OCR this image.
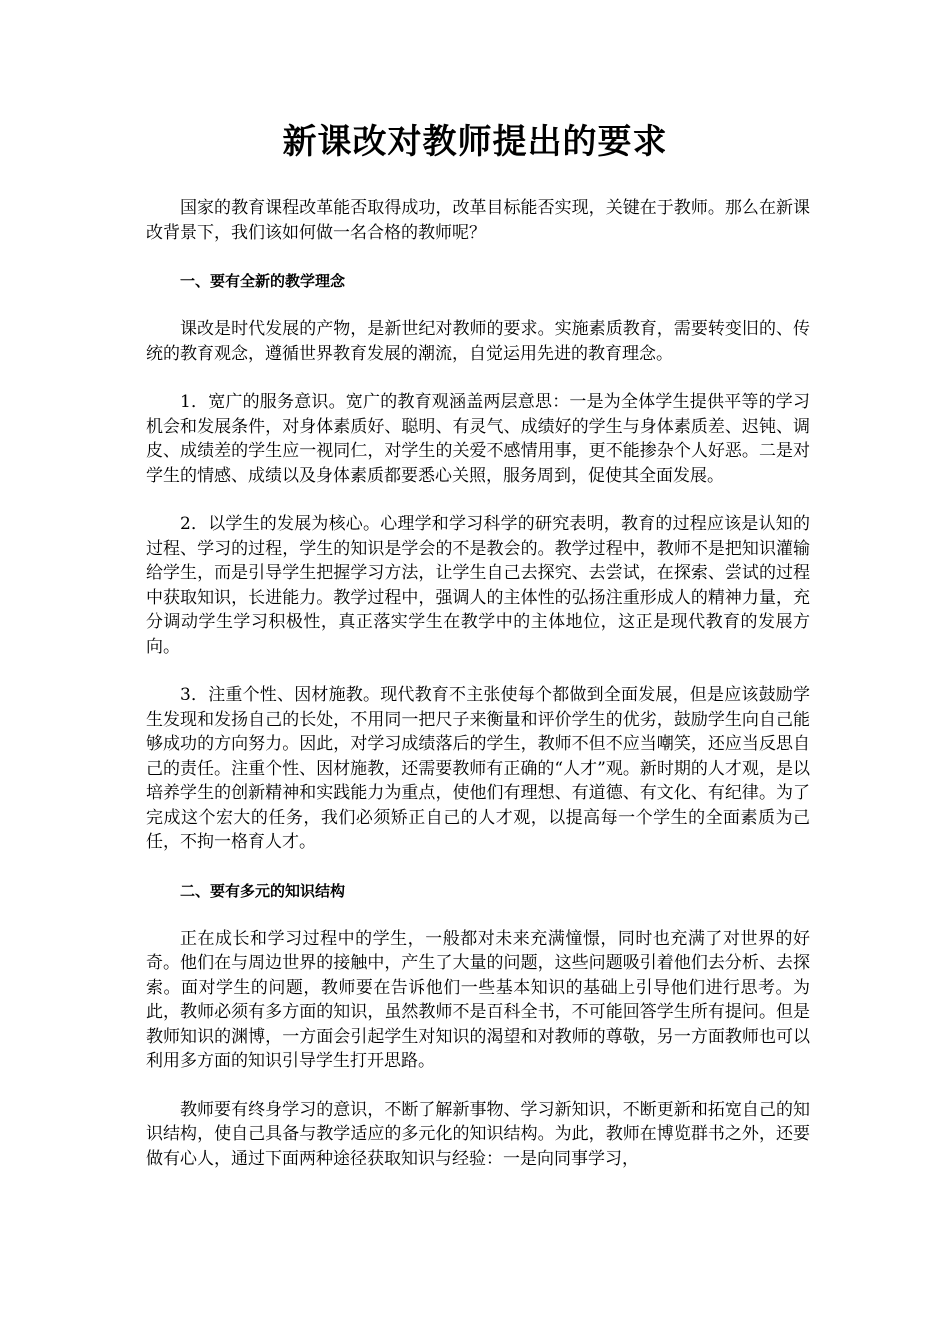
新课改对教师提出的要求

国家的教育课程改革能否取得成功，改革目标能否实现，关键在于教师。那么在新课改背景下，我们该如何做一名合格的教师呢？

一、要有全新的教学理念

课改是时代发展的产物，是新世纪对教师的要求。实施素质教育，需要转变旧的、传统的教育观念，遵循世界教育发展的潮流，自觉运用先进的教育理念。

1．宽广的服务意识。宽广的教育观涵盖两层意思：一是为全体学生提供平等的学习机会和发展条件，对身体素质好、聪明、有灵气、成绩好的学生与身体素质差、迟钝、调皮、成绩差的学生应一视同仁，对学生的关爱不感情用事，更不能掺杂个人好恶。二是对学生的情感、成绩以及身体素质都要悉心关照，服务周到，促使其全面发展。

2．以学生的发展为核心。心理学和学习科学的研究表明，教育的过程应该是认知的过程、学习的过程，学生的知识是学会的不是教会的。教学过程中，教师不是把知识灌输给学生，而是引导学生把握学习方法，让学生自己去探究、去尝试，在探索、尝试的过程中获取知识，长进能力。教学过程中，强调人的主体性的弘扬注重形成人的精神力量，充分调动学生学习积极性，真正落实学生在教学中的主体地位，这正是现代教育的发展方向。

3．注重个性、因材施教。现代教育不主张使每个都做到全面发展，但是应该鼓励学生发现和发扬自己的长处，不用同一把尺子来衡量和评价学生的优劣，鼓励学生向自己能够成功的方向努力。因此，对学习成绩落后的学生，教师不但不应当嘲笑，还应当反思自己的责任。注重个性、因材施教，还需要教师有正确的“人才”观。新时期的人才观，是以培养学生的创新精神和实践能力为重点，使他们有理想、有道德、有文化、有纪律。为了完成这个宏大的任务，我们必须矫正自己的人才观，以提高每一个学生的全面素质为己任，不拘一格育人才。

二、要有多元的知识结构

正在成长和学习过程中的学生，一般都对未来充满憧憬，同时也充满了对世界的好奇。他们在与周边世界的接触中，产生了大量的问题，这些问题吸引着他们去分析、去探索。面对学生的问题，教师要在告诉他们一些基本知识的基础上引导他们进行思考。为此，教师必须有多方面的知识，虽然教师不是百科全书，不可能回答学生所有提问。但是教师知识的渊博，一方面会引起学生对知识的渴望和对教师的尊敬，另一方面教师也可以利用多方面的知识引导学生打开思路。

教师要有终身学习的意识，不断了解新事物、学习新知识，不断更新和拓宽自己的知识结构，使自己具备与教学适应的多元化的知识结构。为此，教师在博览群书之外，还要做有心人，通过下面两种途径获取知识与经验：一是向同事学习，
